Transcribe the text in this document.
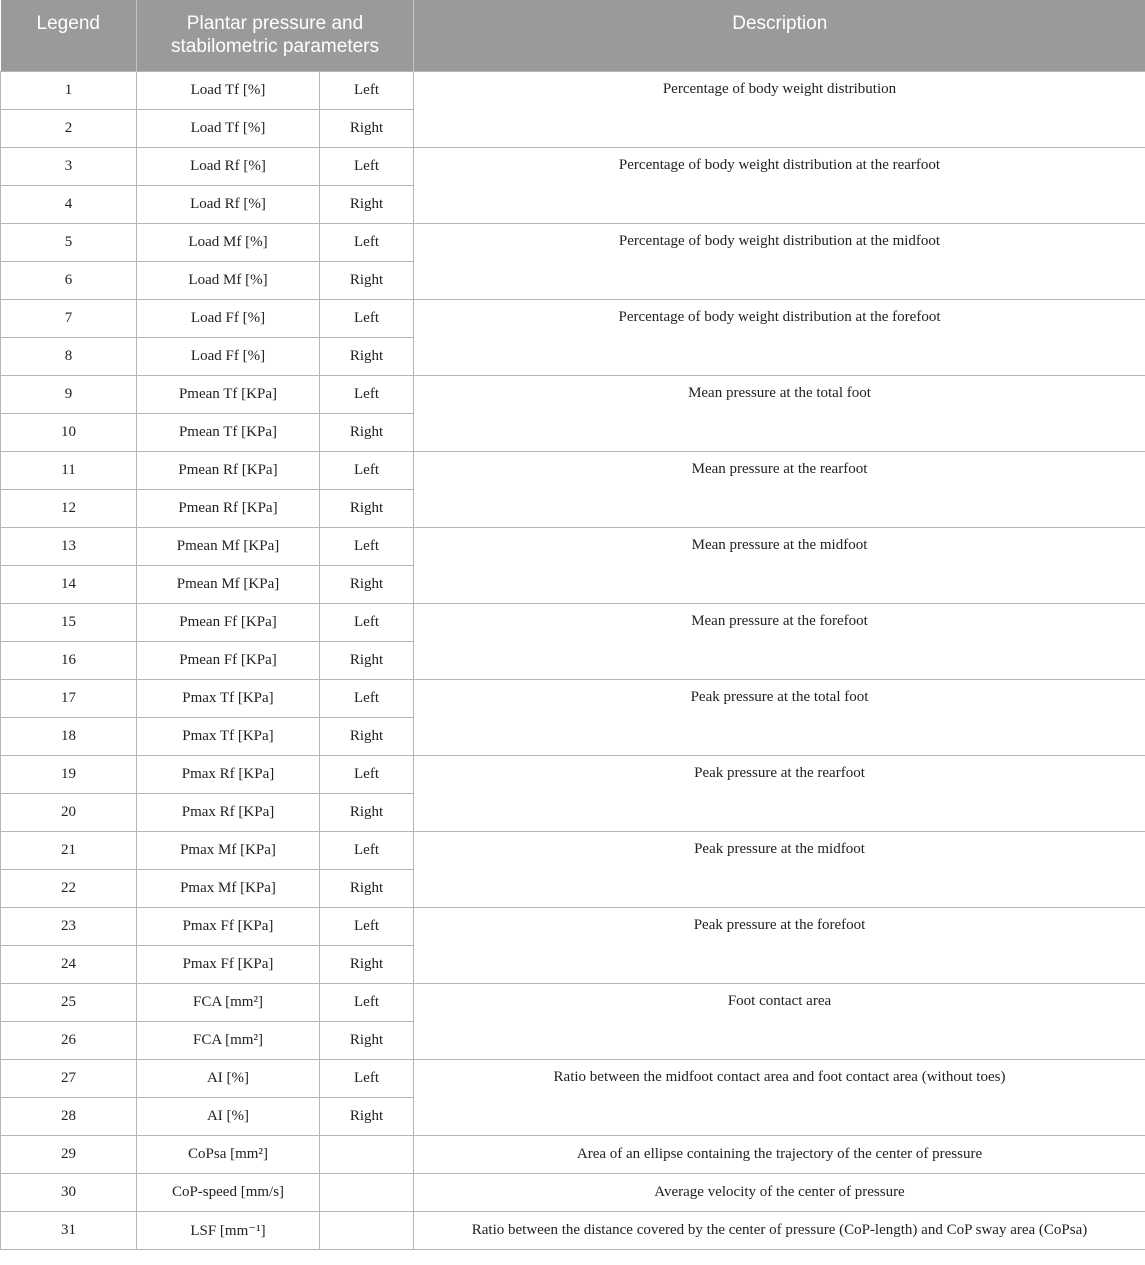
Legend	Plantar pressure and stabilometric parameters		Description
1	Load Tf [%]	Left	Percentage of body weight distribution
2	Load Tf [%]	Right	
3	Load Rf [%]	Left	Percentage of body weight distribution at the rearfoot
4	Load Rf [%]	Right	
5	Load Mf [%]	Left	Percentage of body weight distribution at the midfoot
6	Load Mf [%]	Right	
7	Load Ff [%]	Left	Percentage of body weight distribution at the forefoot
8	Load Ff [%]	Right	
9	Pmean Tf [KPa]	Left	Mean pressure at the total foot
10	Pmean Tf [KPa]	Right	
11	Pmean Rf [KPa]	Left	Mean pressure at the rearfoot
12	Pmean Rf [KPa]	Right	
13	Pmean Mf [KPa]	Left	Mean pressure at the midfoot
14	Pmean Mf [KPa]	Right	
15	Pmean Ff [KPa]	Left	Mean pressure at the forefoot
16	Pmean Ff [KPa]	Right	
17	Pmax Tf [KPa]	Left	Peak pressure at the total foot
18	Pmax Tf [KPa]	Right	
19	Pmax Rf [KPa]	Left	Peak pressure at the rearfoot
20	Pmax Rf [KPa]	Right	
21	Pmax Mf [KPa]	Left	Peak pressure at the midfoot
22	Pmax Mf [KPa]	Right	
23	Pmax Ff [KPa]	Left	Peak pressure at the forefoot
24	Pmax Ff [KPa]	Right	
25	FCA [mm²]	Left	Foot contact area
26	FCA [mm²]	Right	
27	AI [%]	Left	Ratio between the midfoot contact area and foot contact area (without toes)
28	AI [%]	Right	
29	CoPsa [mm²]		Area of an ellipse containing the trajectory of the center of pressure
30	CoP-speed [mm/s]		Average velocity of the center of pressure
31	LSF [mm⁻¹]		Ratio between the distance covered by the center of pressure (CoP-length) and CoP sway area (CoPsa)
